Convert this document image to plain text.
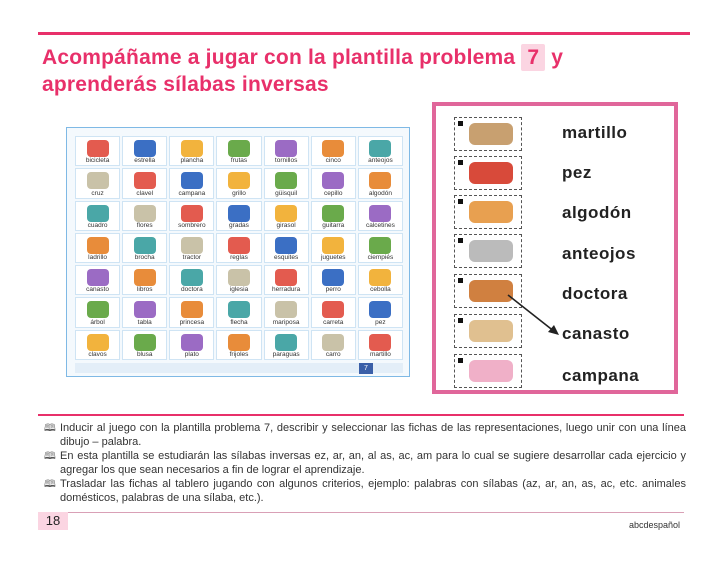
Acompáñame a jugar con la plantilla problema 7 y
aprenderás sílabas inversas
bicicleta	estrella	plancha	frutas	tornillos	cinco	anteojos
cruz	clavel	campana	grillo	güisquil	cepillo	algodón
cuadro	flores	sombrero	gradas	girasol	guitarra	calcetines
ladrillo	brocha	tractor	reglas	esquites	juguetes	ciempiés
canasto	libros	doctora	iglesia	herradura	perro	cebolla
árbol	tabla	princesa	flecha	mariposa	carreta	pez
clavos	blusa	plato	frijoles	paraguas	carro	martillo
7
martillo
pez
algodón
anteojos
doctora
canasto
campana

🕮 Inducir al juego con la plantilla problema 7, describir y seleccionar las fichas de las representaciones, luego unir con una línea dibujo – palabra.

🕮 En esta plantilla se estudiarán las sílabas inversas ez, ar, an, al as, ac, am para lo cual se sugiere desarrollar cada ejercicio y agregar los que sean necesarios a fin de lograr el aprendizaje.

🕮 Trasladar las fichas al tablero jugando con algunos criterios, ejemplo: palabras con sílabas (az, ar, an, as, ac, etc. animales domésticos, palabras de una sílaba, etc.).

18	abcdespañol
